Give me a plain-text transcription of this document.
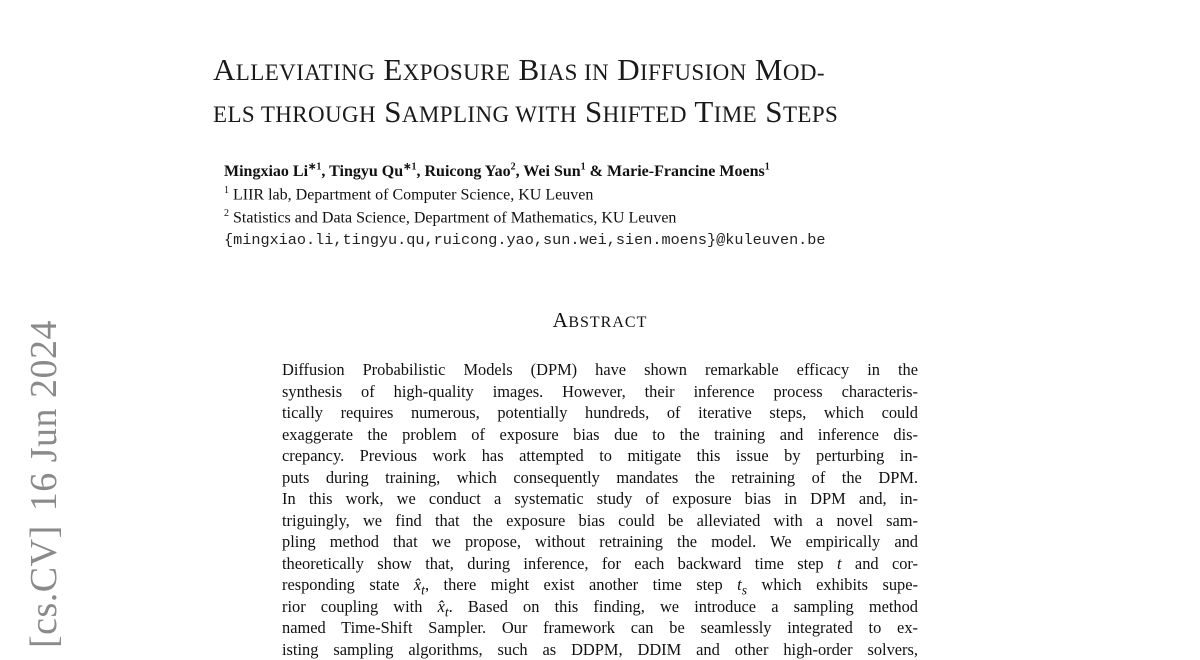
[cs.CV]16 Jun 2024
ALLEVIATING EXPOSURE BIAS IN DIFFUSION MOD-
ELS THROUGH SAMPLING WITH SHIFTED TIME STEPS
Mingxiao $Li^{∗1}$, Tingyu $Qu^{∗1}$, Ruicong Yao$^2$, Wei Sun$^1$ & Marie-Francine Moens$^1$
$^1$ LIIR lab, Department of Computer Science, KU Leuven
$^2$ Statistics and Data Science, Department of Mathematics, KU Leuven
{mingxiao.li,tingyu.qu,ruicong.yao,sun.wei,sien.moens}@kuleuven.be
ABSTRACT
Diffusion Probabilistic Models (DPM) have shown remarkable efficacy in the
synthesis of high-quality images. However, their inference process characteris-
tically requires numerous, potentially hundreds, of iterative steps, which could
exaggerate the problem of exposure bias due to the training and inference dis-
crepancy. Previous work has attempted to mitigate this issue by perturbing in-
puts during training, which consequently mandates the retraining of the DPM.
In this work, we conduct a systematic study of exposure bias in DPM and, in-
triguingly, we find that the exposure bias could be alleviated with a novel sam-
pling method that we propose, without retraining the model. We empirically and
theoretically show that, during inference, for each backward time step t and cor-
responding state $x̂_t$, there might exist another time step $t_s$ which exhibits supe-
rior coupling with $x̂_t$. Based on this finding, we introduce a sampling method
named Time-Shift Sampler. Our framework can be seamlessly integrated to ex-
isting sampling algorithms, such as DDPM, DDIM and other high-order solvers,
